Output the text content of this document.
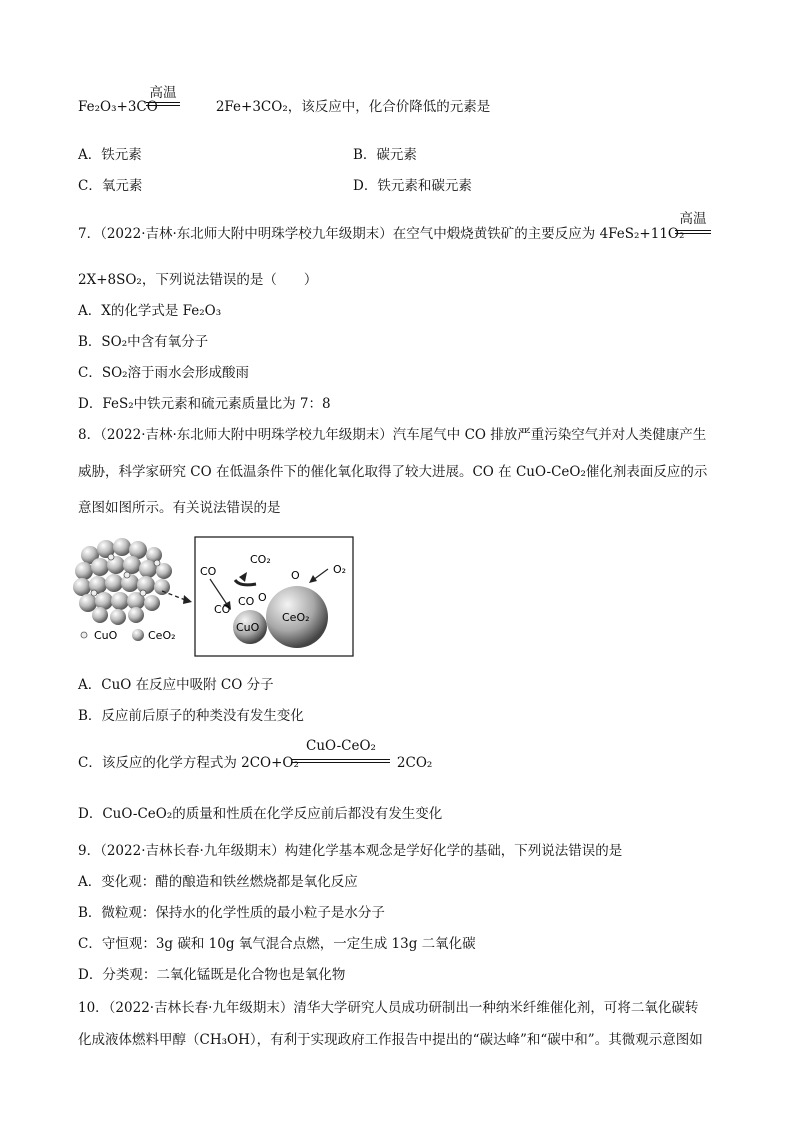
Fe₂O₃+3CO	2Fe+3CO₂，该反应中，化合价降低的元素是
高温
A．铁元素	B．碳元素
C．氧元素	D．铁元素和碳元素
7．（2022·吉林·东北师大附中明珠学校九年级期末）在空气中煅烧黄铁矿的主要反应为 4FeS₂+11O₂
高温
2X+8SO₂，下列说法错误的是（　　）
A．X的化学式是 Fe₂O₃
B．SO₂中含有氧分子
C．SO₂溶于雨水会形成酸雨
D．FeS₂中铁元素和硫元素质量比为 7：8
8．（2022·吉林·东北师大附中明珠学校九年级期末）汽车尾气中 CO 排放严重污染空气并对人类健康产生
威胁，科学家研究 CO 在低温条件下的催化氧化取得了较大进展。CO 在 CuO-CeO₂催化剂表面反应的示
意图如图所示。有关说法错误的是
CuO	CeO₂
CuO
CeO₂
CO
CO₂
O₂
O
O
CO
CO
A．CuO 在反应中吸附 CO 分子
B．反应前后原子的种类没有发生变化
C．该反应的化学方程式为 2CO+O₂	2CO₂
CuO-CeO₂
D．CuO-CeO₂的质量和性质在化学反应前后都没有发生变化
9．（2022·吉林长春·九年级期末）构建化学基本观念是学好化学的基础，下列说法错误的是
A．变化观：醋的酿造和铁丝燃烧都是氧化反应
B．微粒观：保持水的化学性质的最小粒子是水分子
C．守恒观：3g 碳和 10g 氧气混合点燃，一定生成 13g 二氧化碳
D．分类观：二氧化锰既是化合物也是氧化物
10．（2022·吉林长春·九年级期末）清华大学研究人员成功研制出一种纳米纤维催化剂，可将二氧化碳转
化成液体燃料甲醇（CH₃OH），有利于实现政府工作报告中提出的“碳达峰”和“碳中和”。其微观示意图如
